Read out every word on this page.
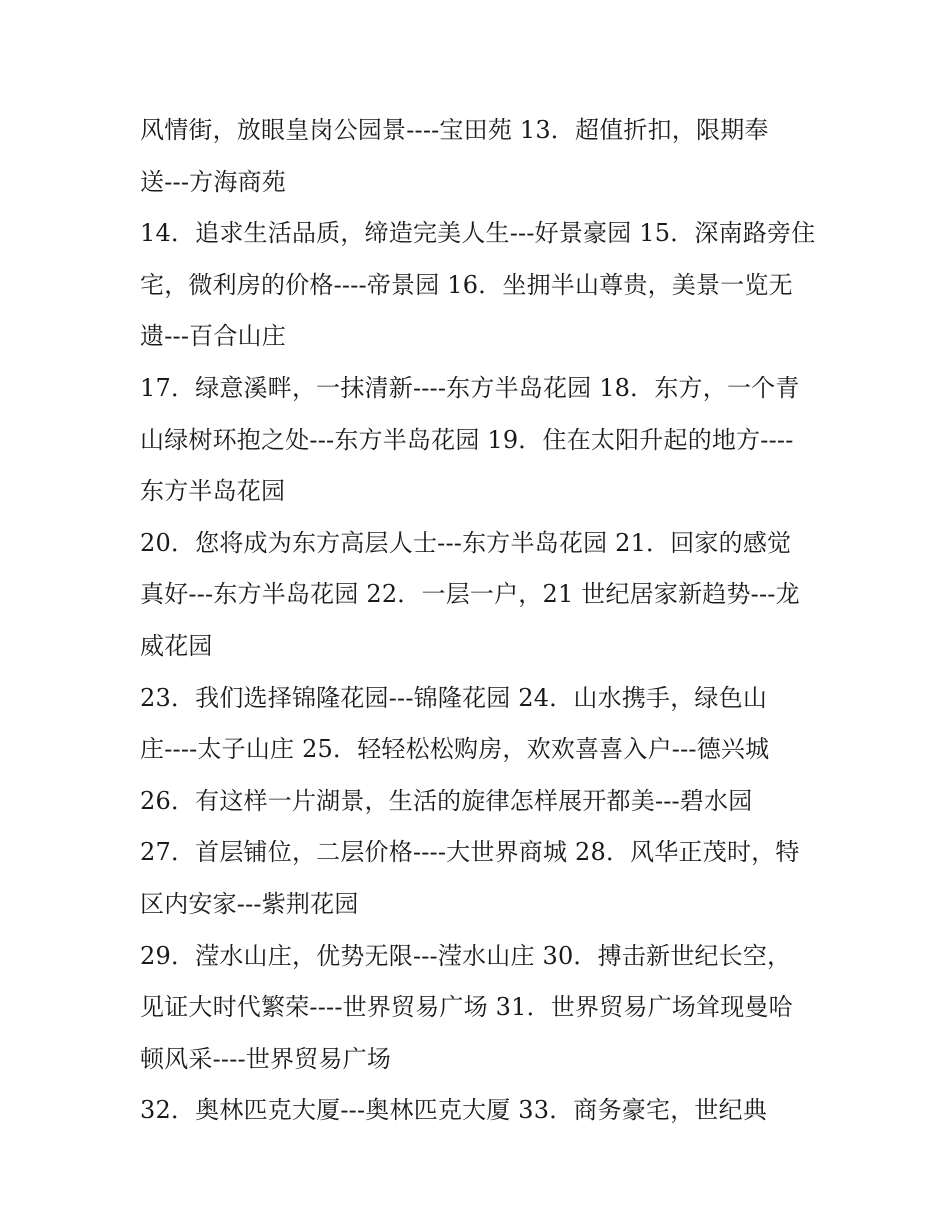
风情街，放眼皇岗公园景----宝田苑 13．超值折扣，限期奉
送---方海商苑
14．追求生活品质，缔造完美人生---好景豪园 15．深南路旁住
宅，微利房的价格----帝景园 16．坐拥半山尊贵，美景一览无
遗---百合山庄
17．绿意溪畔，一抹清新----东方半岛花园 18．东方，一个青
山绿树环抱之处---东方半岛花园 19．住在太阳升起的地方----
东方半岛花园
20．您将成为东方高层人士---东方半岛花园 21．回家的感觉
真好---东方半岛花园 22．一层一户，21 世纪居家新趋势---龙
威花园
23．我们选择锦隆花园---锦隆花园 24．山水携手，绿色山
庄----太子山庄 25．轻轻松松购房，欢欢喜喜入户---德兴城
26．有这样一片湖景，生活的旋律怎样展开都美---碧水园
27．首层铺位，二层价格----大世界商城 28．风华正茂时，特
区内安家---紫荆花园
29．滢水山庄，优势无限---滢水山庄 30．搏击新世纪长空，
见证大时代繁荣----世界贸易广场 31．世界贸易广场耸现曼哈
顿风采----世界贸易广场
32．奥林匹克大厦---奥林匹克大厦 33．商务豪宅，世纪典
